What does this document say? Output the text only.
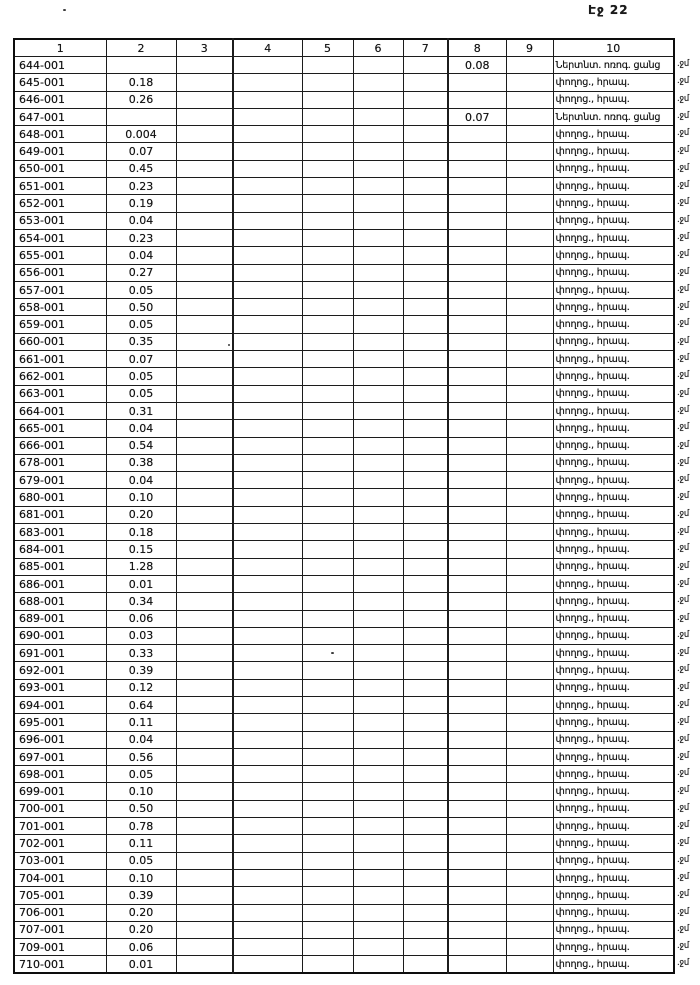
Էջ 22
1	2	3	4	5	6	7	8	9	10
644-001							0.08		Ներտնտ. ոռոգ. ցանց
645-001	0.18								փողոց., հրապ.
646-001	0.26								փողոց., հրապ.
647-001							0.07		Ներտնտ. ոռոգ. ցանց
648-001	0.004								փողոց., հրապ.
649-001	0.07								փողոց., հրապ.
650-001	0.45								փողոց., հրապ.
651-001	0.23								փողոց., հրապ.
652-001	0.19								փողոց., հրապ.
653-001	0.04								փողոց., հրապ.
654-001	0.23								փողոց., հրապ.
655-001	0.04								փողոց., հրապ.
656-001	0.27								փողոց., հրապ.
657-001	0.05								փողոց., հրապ.
658-001	0.50								փողոց., հրապ.
659-001	0.05								փողոց., հրապ.
660-001	0.35								փողոց., հրապ.
661-001	0.07								փողոց., հրապ.
662-001	0.05								փողոց., հրապ.
663-001	0.05								փողոց., հրապ.
664-001	0.31								փողոց., հրապ.
665-001	0.04								փողոց., հրապ.
666-001	0.54								փողոց., հրապ.
678-001	0.38								փողոց., հրապ.
679-001	0.04								փողոց., հրապ.
680-001	0.10								փողոց., հրապ.
681-001	0.20								փողոց., հրապ.
683-001	0.18								փողոց., հրապ.
684-001	0.15								փողոց., հրապ.
685-001	1.28								փողոց., հրապ.
686-001	0.01								փողոց., հրապ.
688-001	0.34								փողոց., հրապ.
689-001	0.06								փողոց., հրապ.
690-001	0.03								փողոց., հրապ.
691-001	0.33								փողոց., հրապ.
692-001	0.39								փողոց., հրապ.
693-001	0.12								փողոց., հրապ.
694-001	0.64								փողոց., հրապ.
695-001	0.11								փողոց., հրապ.
696-001	0.04								փողոց., հրապ.
697-001	0.56								փողոց., հրապ.
698-001	0.05								փողոց., հրապ.
699-001	0.10								փողոց., հրապ.
700-001	0.50								փողոց., հրապ.
701-001	0.78								փողոց., հրապ.
702-001	0.11								փողոց., հրապ.
703-001	0.05								փողոց., հրապ.
704-001	0.10								փողոց., հրապ.
705-001	0.39								փողոց., հրապ.
706-001	0.20								փողոց., հրապ.
707-001	0.20								փողոց., հրապ.
709-001	0.06								փողոց., հրապ.
710-001	0.01								փողոց., հրապ.
.ջմ
.ջմ
.ջմ
.ջմ
.ջմ
.ջմ
.ջմ
.ջմ
.ջմ
.ջմ
.ջմ
.ջմ
.ջմ
.ջմ
.ջմ
.ջմ
.ջմ
.ջմ
.ջմ
.ջմ
.ջմ
.ջմ
.ջմ
.ջմ
.ջմ
.ջմ
.ջմ
.ջմ
.ջմ
.ջմ
.ջմ
.ջմ
.ջմ
.ջմ
.ջմ
.ջմ
.ջմ
.ջմ
.ջմ
.ջմ
.ջմ
.ջմ
.ջմ
.ջմ
.ջմ
.ջմ
.ջմ
.ջմ
.ջմ
.ջմ
.ջմ
.ջմ
.ջմ
